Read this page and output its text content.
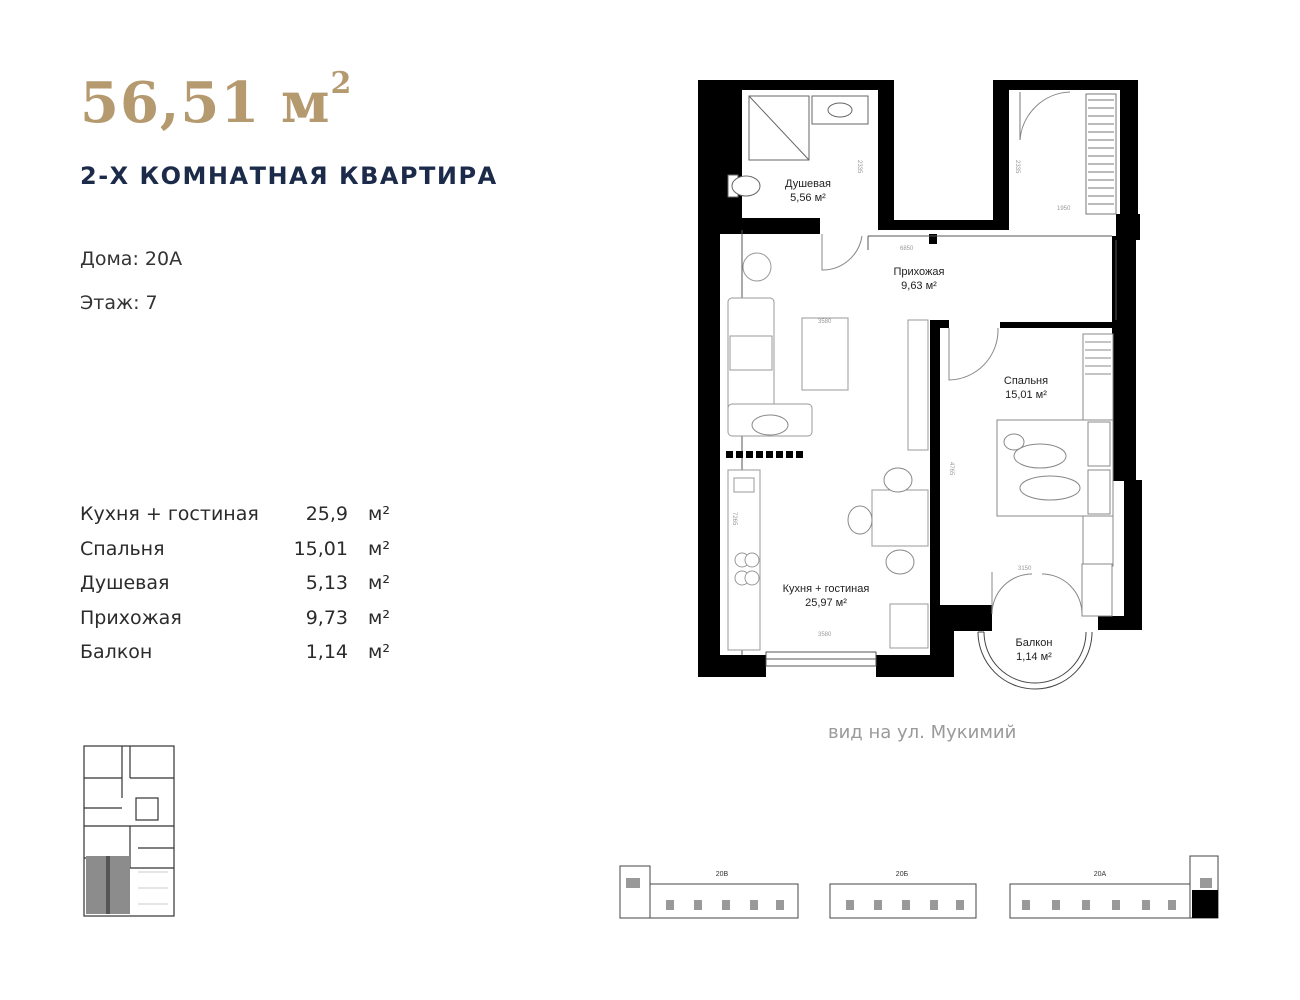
56,51 $м^2$
2-Х КОМНАТНАЯ КВАРТИРА
Дома: 20А
Этаж: 7
Кухня + гостиная 25,9 м²
Спальня	15,01 м²
Душевая	5,13 м²
Прихожая	9,73 м²
Балкон	1,14 м²
2335	2335
1950
6850
3580
3580
7265
4765
3150
Душевая
5,56 м²
Прихожая
9,63 м²
Спальня
15,01 м²
Кухня + гостиная
25,97 м²
Балкон
1,14 м²
вид на ул. Мукимий
20В	20Б	20А
